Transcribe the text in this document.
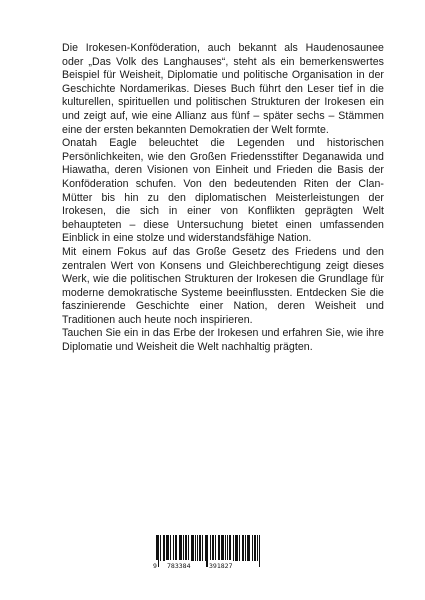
Die Irokesen-Konföderation, auch bekannt als Haudenosaunee oder „Das Volk des Langhauses“, steht als ein bemerkenswertes Beispiel für Weisheit, Diplomatie und politische Organisation in der Geschichte Nordamerikas. Dieses Buch führt den Leser tief in die kulturellen, spirituellen und politischen Strukturen der Irokesen ein und zeigt auf, wie eine Allianz aus fünf – später sechs – Stämmen eine der ersten bekannten Demokratien der Welt formte.

Onatah Eagle beleuchtet die Legenden und historischen Persönlichkeiten, wie den Großen Friedensstifter Deganawida und Hiawatha, deren Visionen von Einheit und Frieden die Basis der Konföderation schufen. Von den bedeutenden Riten der Clan-Mütter bis hin zu den diplomatischen Meisterleistungen der Irokesen, die sich in einer von Konflikten geprägten Welt behaupteten – diese Untersuchung bietet einen umfassenden Einblick in eine stolze und widerstandsfähige Nation.

Mit einem Fokus auf das Große Gesetz des Friedens und den zentralen Wert von Konsens und Gleichberechtigung zeigt dieses Werk, wie die politischen Strukturen der Irokesen die Grundlage für moderne demokratische Systeme beeinflussten. Entdecken Sie die faszinierende Geschichte einer Nation, deren Weisheit und Traditionen auch heute noch inspirieren.

Tauchen Sie ein in das Erbe der Irokesen und erfahren Sie, wie ihre Diplomatie und Weisheit die Welt nachhaltig prägten.

9 783384	391827
